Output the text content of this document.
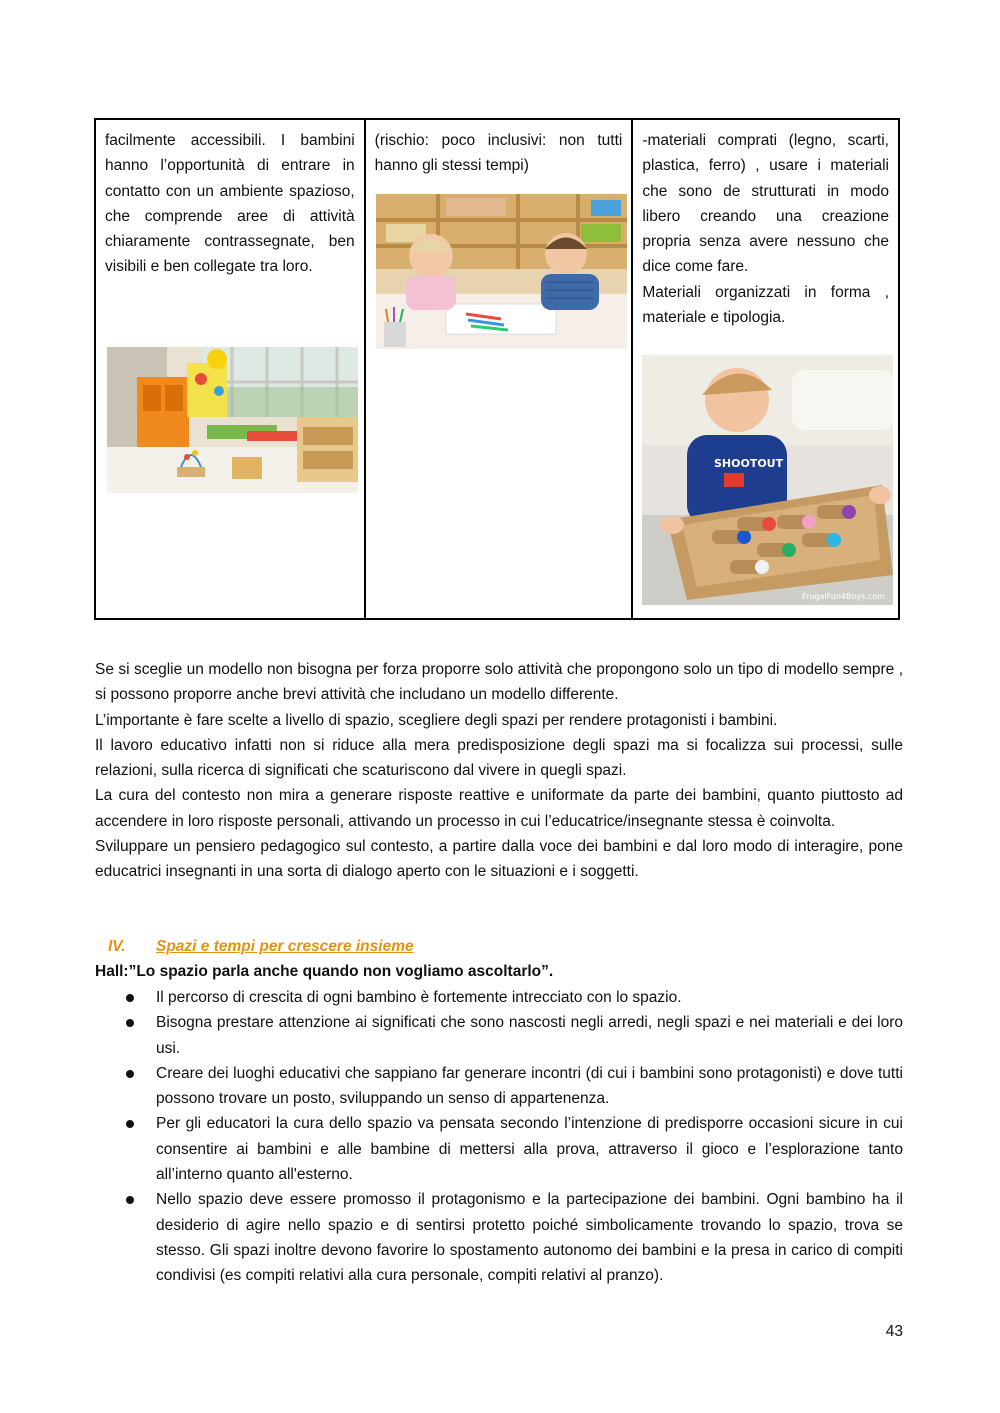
facilmente accessibili. I bambini hanno l’opportunità di entrare in contatto con un ambiente spazioso, che comprende aree di attività chiaramente contrassegnate, ben visibili e ben collegate tra loro.

(rischio: poco inclusivi: non tutti hanno gli stessi tempi)

-materiali comprati (legno, scarti, plastica, ferro) , usare i materiali che sono de strutturati in modo libero creando una creazione propria senza avere nessuno che dice come fare.

Materiali organizzati in forma , materiale e tipologia.

SHOOTOUT
FrugalFun4Boys.com

Se si sceglie un modello non bisogna per forza proporre solo attività che propongono solo un tipo di modello sempre , si possono proporre anche brevi attività che includano un modello differente.

L’importante è fare scelte a livello di spazio, scegliere degli spazi per rendere protagonisti i bambini.

Il lavoro educativo infatti non si riduce alla mera predisposizione degli spazi ma si focalizza sui processi, sulle relazioni, sulla ricerca di significati che scaturiscono dal vivere in quegli spazi.

La cura del contesto non mira a generare risposte reattive e uniformate da parte dei bambini, quanto piuttosto ad accendere in loro risposte personali, attivando un processo in cui l’educatrice/insegnante stessa è coinvolta.

Sviluppare un pensiero pedagogico sul contesto, a partire dalla voce dei bambini e dal loro modo di interagire, pone educatrici insegnanti in una sorta di dialogo aperto con le situazioni e i soggetti.

IV. Spazi e tempi per crescere insieme
Hall:”Lo spazio parla anche quando non vogliamo ascoltarlo”.
Il percorso di crescita di ogni bambino è fortemente intrecciato con lo spazio.
Bisogna prestare attenzione ai significati che sono nascosti negli arredi, negli spazi e nei materiali e dei loro usi.
Creare dei luoghi educativi che sappiano far generare incontri (di cui i bambini sono protagonisti) e dove tutti possono trovare un posto, sviluppando un senso di appartenenza.
Per gli educatori la cura dello spazio va pensata secondo l’intenzione di predisporre occasioni sicure in cui consentire ai bambini e alle bambine di mettersi alla prova, attraverso il gioco e l’esplorazione tanto all’interno quanto all'esterno.
Nello spazio deve essere promosso il protagonismo e la partecipazione dei bambini. Ogni bambino ha il desiderio di agire nello spazio e di sentirsi protetto poiché simbolicamente trovando lo spazio, trova se stesso. Gli spazi inoltre devono favorire lo spostamento autonomo dei bambini e la presa in carico di compiti condivisi (es compiti relativi alla cura personale, compiti relativi al pranzo).
43
